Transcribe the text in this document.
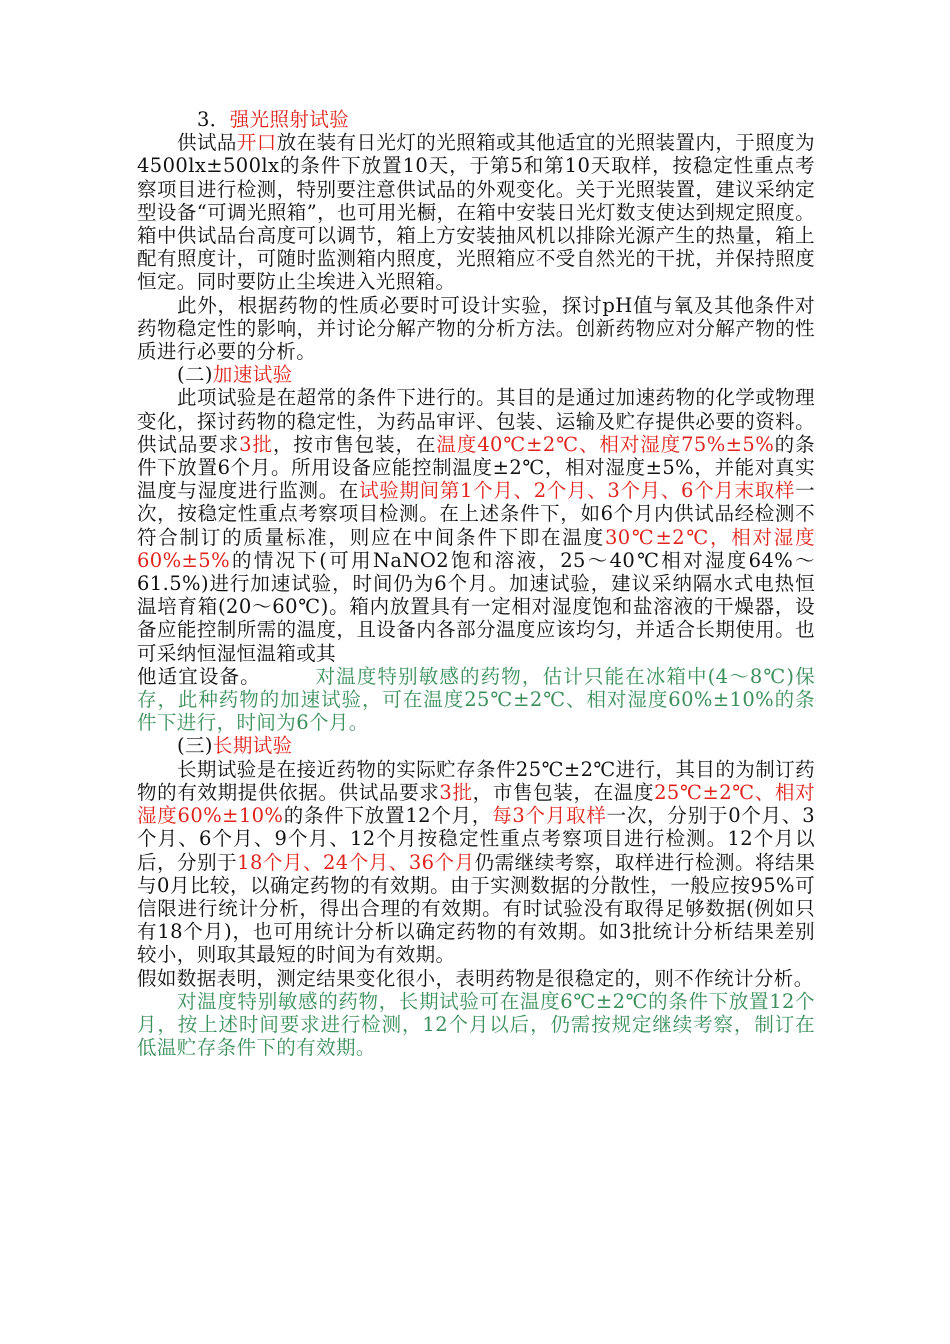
3．强光照射试验

供试品开口放在装有日光灯的光照箱或其他适宜的光照装置内，于照度为4500lx±500lx的条件下放置10天，于第5和第10天取样，按稳定性重点考察项目进行检测，特别要注意供试品的外观变化。关于光照装置，建议采纳定型设备“可调光照箱”，也可用光橱，在箱中安装日光灯数支使达到规定照度。箱中供试品台高度可以调节，箱上方安装抽风机以排除光源产生的热量，箱上配有照度计，可随时监测箱内照度，光照箱应不受自然光的干扰，并保持照度恒定。同时要防止尘埃进入光照箱。

此外，根据药物的性质必要时可设计实验，探讨pH值与氧及其他条件对药物稳定性的影响，并讨论分解产物的分析方法。创新药物应对分解产物的性质进行必要的分析。

(二)加速试验

此项试验是在超常的条件下进行的。其目的是通过加速药物的化学或物理变化，探讨药物的稳定性，为药品审评、包装、运输及贮存提供必要的资料。供试品要求3批，按市售包装，在温度40℃±2℃、相对湿度75%±5%的条件下放置6个月。所用设备应能控制温度±2℃，相对湿度±5%，并能对真实温度与湿度进行监测。在试验期间第1个月、2个月、3个月、6个月末取样一次，按稳定性重点考察项目检测。在上述条件下，如6个月内供试品经检测不符合制订的质量标准，则应在中间条件下即在温度30℃±2℃，相对湿度60%±5%的情况下(可用NaNO2饱和溶液，25～40℃相对湿度64%～61.5%)进行加速试验，时间仍为6个月。加速试验，建议采纳隔水式电热恒温培育箱(20～60℃)。箱内放置具有一定相对湿度饱和盐溶液的干燥器，设备应能控制所需的温度，且设备内各部分温度应该均匀，并适合长期使用。也可采纳恒湿恒温箱或其

他适宜设备。	对温度特别敏感的药物，估计只能在冰箱中(4～8℃)保存，此种药物的加速试验，可在温度25℃±2℃、相对湿度60%±10%的条件下进行，时间为6个月。

(三)长期试验

长期试验是在接近药物的实际贮存条件25℃±2℃进行，其目的为制订药物的有效期提供依据。供试品要求3批，市售包装，在温度25℃±2℃、相对湿度60%±10%的条件下放置12个月，每3个月取样一次，分别于0个月、3个月、6个月、9个月、12个月按稳定性重点考察项目进行检测。12个月以后，分别于18个月、24个月、36个月仍需继续考察，取样进行检测。将结果与0月比较，以确定药物的有效期。由于实测数据的分散性，一般应按95%可信限进行统计分析，得出合理的有效期。有时试验没有取得足够数据(例如只有18个月)，也可用统计分析以确定药物的有效期。如3批统计分析结果差别较小，则取其最短的时间为有效期。

假如数据表明，测定结果变化很小，表明药物是很稳定的，则不作统计分析。

对温度特别敏感的药物，长期试验可在温度6℃±2℃的条件下放置12个月，按上述时间要求进行检测，12个月以后，仍需按规定继续考察，制订在低温贮存条件下的有效期。
